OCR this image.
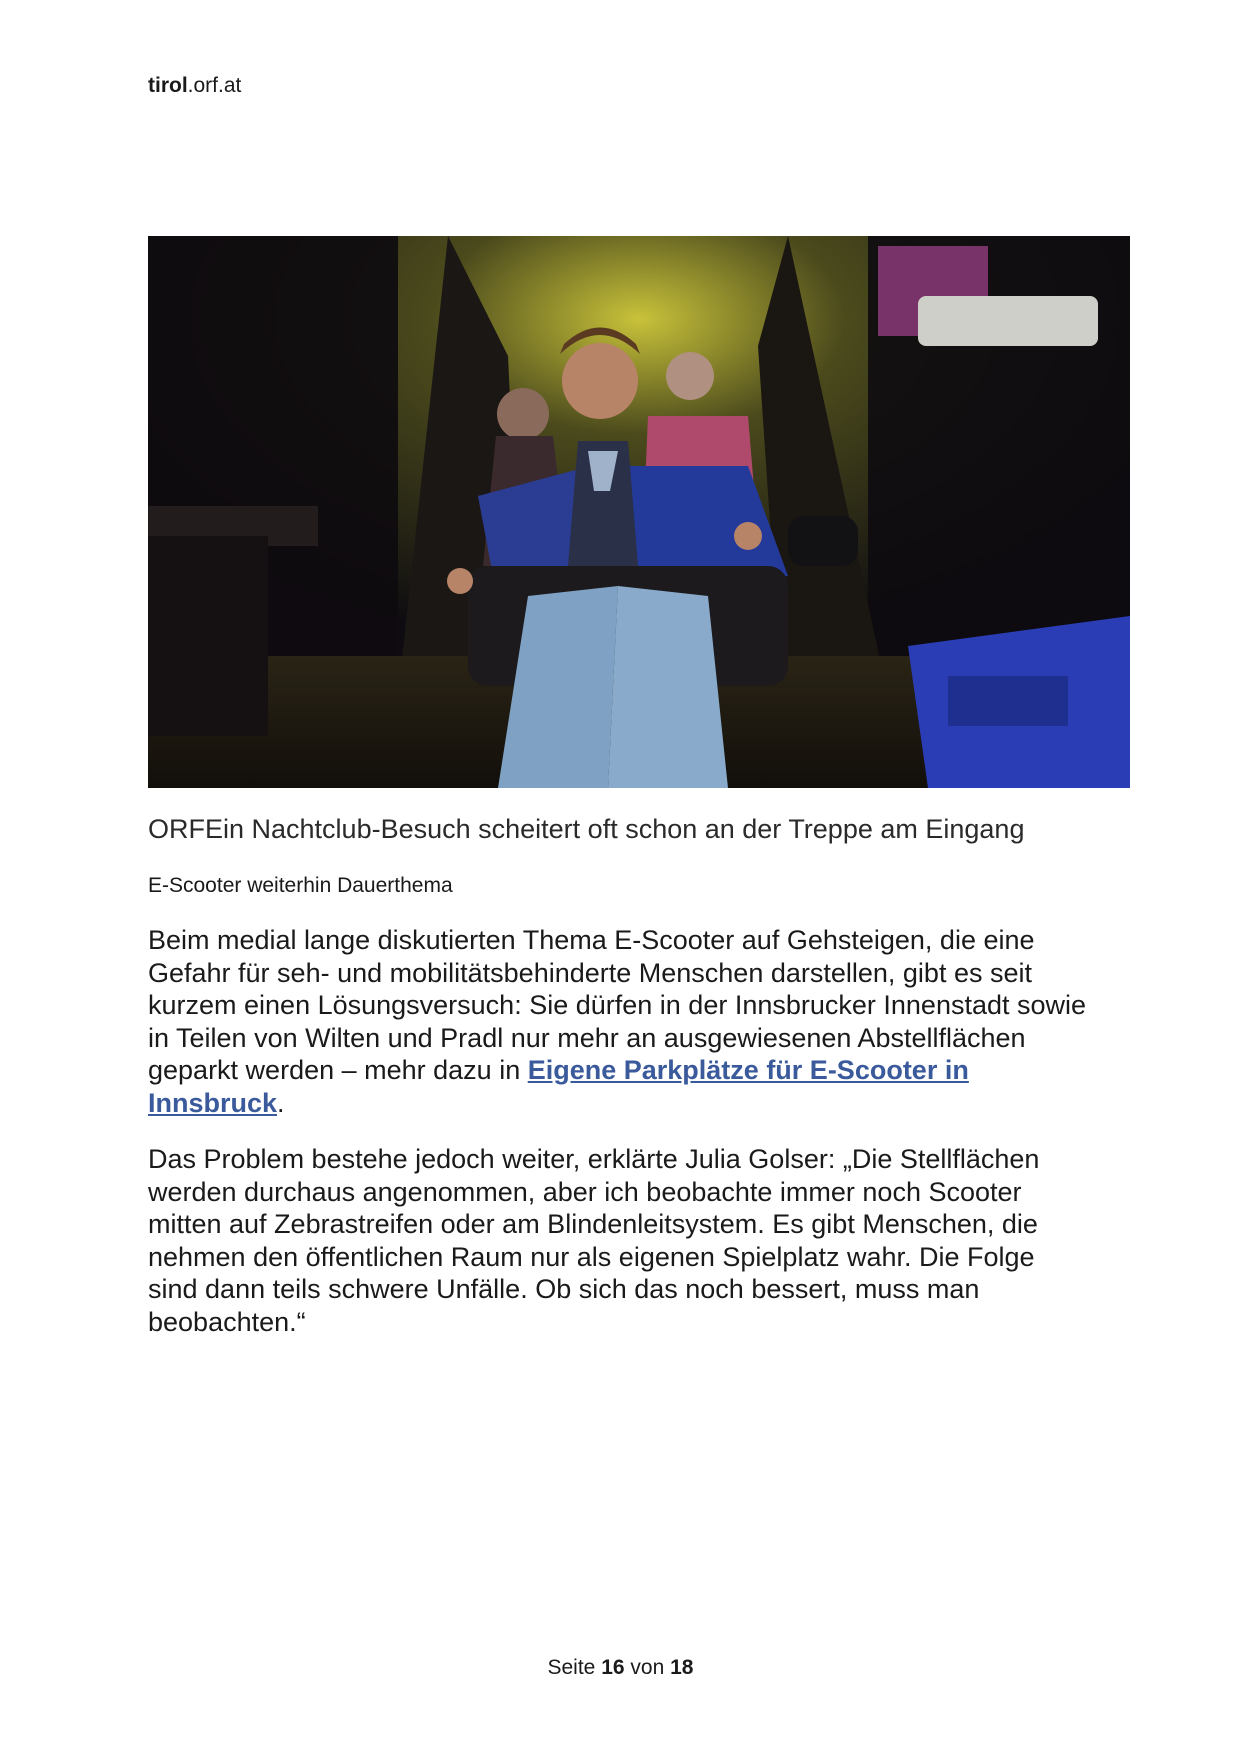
tirol.orf.at
ORFEin Nachtclub-Besuch scheitert oft schon an der Treppe am Eingang
E-Scooter weiterhin Dauerthema

Beim medial lange diskutierten Thema E-Scooter auf Gehsteigen, die eine Gefahr für seh- und mobilitätsbehinderte Menschen darstellen, gibt es seit kurzem einen Lösungsversuch: Sie dürfen in der Innsbrucker Innenstadt sowie in Teilen von Wilten und Pradl nur mehr an ausgewiesenen Abstellflächen geparkt werden – mehr dazu in Eigene Parkplätze für E-Scooter in Innsbruck.

Das Problem bestehe jedoch weiter, erklärte Julia Golser: „Die Stellflächen werden durchaus angenommen, aber ich beobachte immer noch Scooter mitten auf Zebrastreifen oder am Blindenleitsystem. Es gibt Menschen, die nehmen den öffentlichen Raum nur als eigenen Spielplatz wahr. Die Folge sind dann teils schwere Unfälle. Ob sich das noch bessert, muss man beobachten.“

Seite 16 von 18
